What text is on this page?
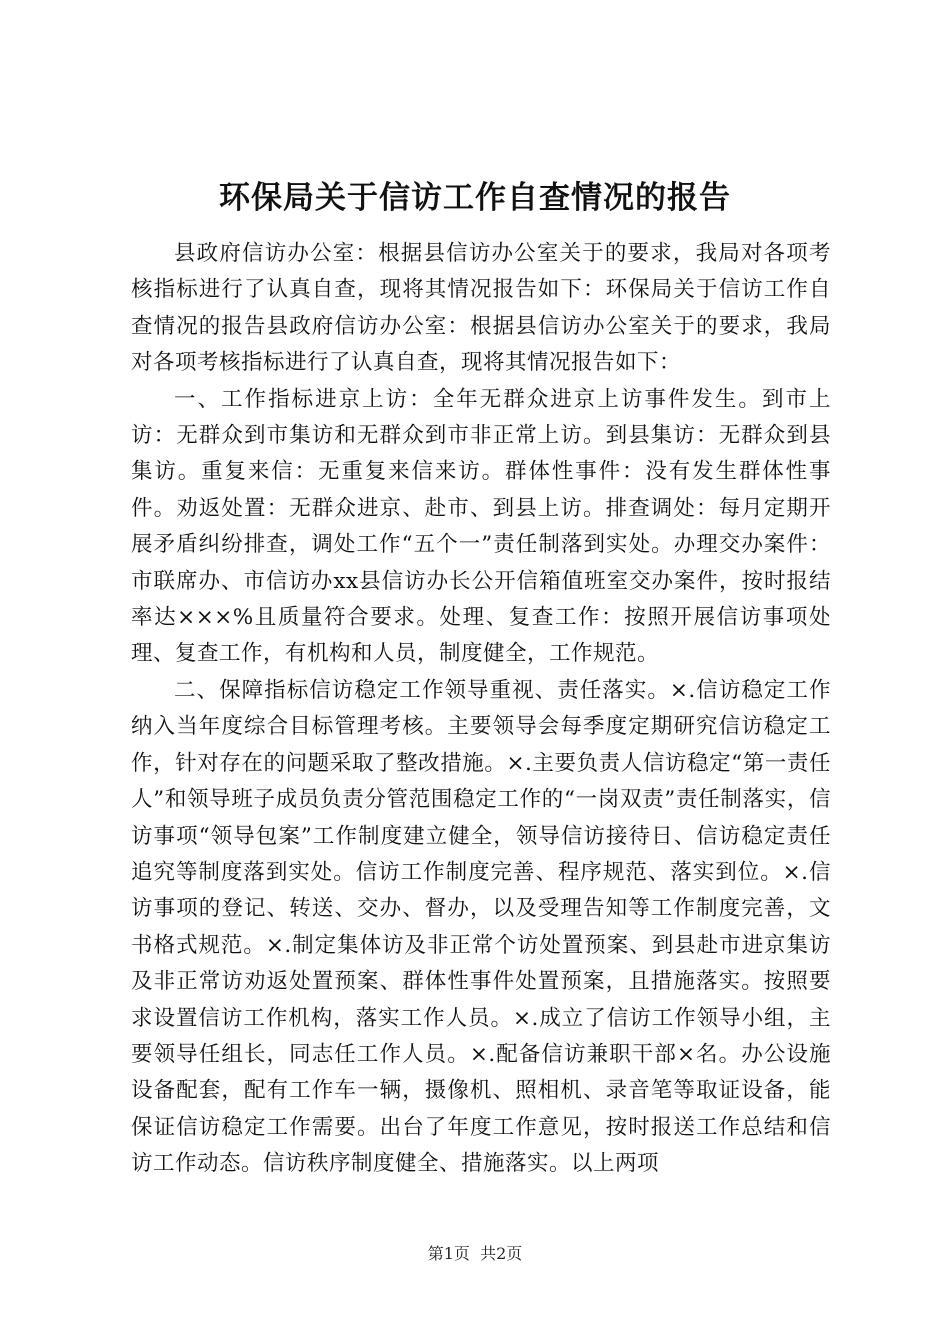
环保局关于信访工作自查情况的报告

县政府信访办公室：根据县信访办公室关于的要求，我局对各项考核指标进行了认真自查，现将其情况报告如下：环保局关于信访工作自查情况的报告县政府信访办公室：根据县信访办公室关于的要求，我局对各项考核指标进行了认真自查，现将其情况报告如下：

一、工作指标进京上访：全年无群众进京上访事件发生。到市上访：无群众到市集访和无群众到市非正常上访。到县集访：无群众到县集访。重复来信：无重复来信来访。群体性事件：没有发生群体性事件。劝返处置：无群众进京、赴市、到县上访。排查调处：每月定期开展矛盾纠纷排查，调处工作“五个一”责任制落到实处。办理交办案件：市联席办、市信访办xx县信访办长公开信箱值班室交办案件，按时报结率达×××%且质量符合要求。处理、复查工作：按照开展信访事项处理、复查工作，有机构和人员，制度健全，工作规范。

二、保障指标信访稳定工作领导重视、责任落实。×.信访稳定工作纳入当年度综合目标管理考核。主要领导会每季度定期研究信访稳定工作，针对存在的问题采取了整改措施。×.主要负责人信访稳定“第一责任人”和领导班子成员负责分管范围稳定工作的“一岗双责”责任制落实，信访事项“领导包案”工作制度建立健全，领导信访接待日、信访稳定责任追究等制度落到实处。信访工作制度完善、程序规范、落实到位。×.信访事项的登记、转送、交办、督办，以及受理告知等工作制度完善，文书格式规范。×.制定集体访及非正常个访处置预案、到县赴市进京集访及非正常访劝返处置预案、群体性事件处置预案，且措施落实。按照要求设置信访工作机构，落实工作人员。×.成立了信访工作领导小组，主要领导任组长，同志任工作人员。×.配备信访兼职干部×名。办公设施设备配套，配有工作车一辆，摄像机、照相机、录音笔等取证设备，能保证信访稳定工作需要。出台了年度工作意见，按时报送工作总结和信访工作动态。信访秩序制度健全、措施落实。以上两项

第1页 共2页
